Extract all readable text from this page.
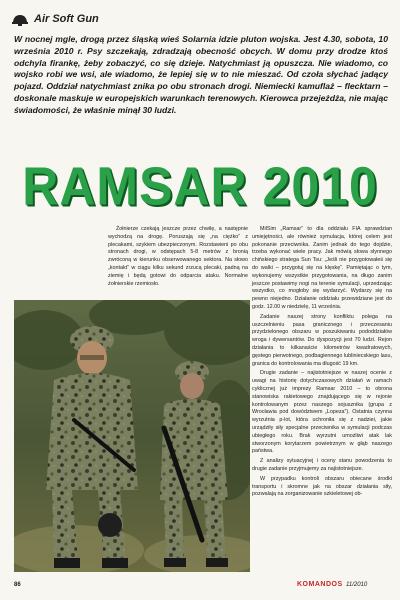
Air Soft Gun

W nocnej mgle, drogą przez śląską wieś Solarnia idzie pluton wojska. Jest 4.30, sobota, 10 września 2010 r. Psy szczekają, zdradzają obecność obcych. W domu przy drodze ktoś odchyla firankę, żeby zobaczyć, co się dzieje. Natychmiast ją opuszcza. Nie wiadomo, co wojsko robi we wsi, ale wiadomo, że lepiej się w to nie mieszać. Od czoła słychać jadący pojazd. Oddział natychmiast znika po obu stronach drogi. Niemiecki kamuflaż – flecktarn – doskonale maskuje w europejskich warunkach terenowych. Kierowca przejeżdża, nie mając świadomości, że właśnie minął 30 ludzi.

RAMSAR 2010

Żołnierze czekają jeszcze przez chwilę, a następnie wychodzą na drogę. Poruszają się „na ciężko” z plecakami, szykiem ubezpieczonym. Rozstawieni po obu stronach drogi, w odstępach 5-8 metrów z bronią zwróconą w kierunku obserwowanego sektora. Na słowo „kontakt” w ciągu kilku sekund zrzucą plecaki, padną na ziemię i będą gotowi do odparcia ataku. Normalne żołnierskie rzemiosło.

MilSim „Ramsar” to dla oddziału FIA sprawdzian umiejętności, ale również symulacja, której celem jest pokonanie przeciwnika. Zanim jednak do tego dojdzie, trzeba wykonać wiele pracy. Jak mówią słowa słynnego chińskiego stratega Sun Tsu: „Jeśli nie przygotowałeś się do walki – przygotuj się na klęskę”. Pamiętając o tym, wykonujemy wszystkie przygotowania, na długo zanim jeszcze postawimy nogi na terenie symulacji, uprzedzając wszystko, co mogłoby się wydarzyć. Wydarzy się na pewno niejedno. Działanie oddziału przewidziane jest do godz. 12.00 w niedzielę, 11 września.

Zadanie naszej strony konfliktu polega na uszczelnieniu pasa granicznego i przeczesaniu przydzielonego obszaru w poszukiwaniu pododdziałów wroga i dywersantów. Do dyspozycji jest 70 ludzi. Rejon działania to kilkanaście kilometrów kwadratowych, gęstego pierwotnego, podbagiennego lubliniecskiego lasu, granica do kontrolowania ma długość 19 km.

Drugie zadanie – najistotniejsze w naszej ocenie z uwagi na historię dotychczasowych działań w ramach cyklicznej już imprezy Ramsar 2010 – to obrona stanowiska rakietowego znajdującego się w rejonie kontrolowanym przez naszego sojusznika (grupa z Wrocławia pod dowództwem „Lopeza”). Ostatnia czynna wyrzutnia p-lot, która uchroniła się z nadziei, jakie urządziły siły specjalne przeciwnika w symulacji podczas ubiegłego roku. Brak wyrzutni umożliwi atak lak stworzonym korytarzem powietrznym w głąb naszego państwa.

Z analizy sytuacyjnej i oceny stanu powodzenia to drugie zadanie przyjmujemy za najistotniejsze.

W przypadku kontroli obszaru obiecane środki transportu i skromne jak na obszar działania siły, pozwalają na zorganizowanie szkieletowej ob-

86	KOMANDOS 11/2010
